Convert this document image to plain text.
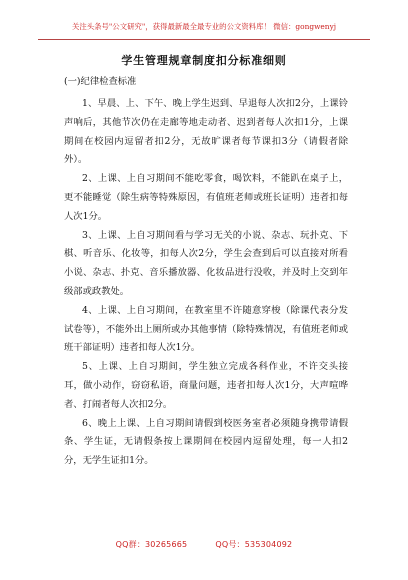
关注头条号"公文研究"，获得最新最全最专业的公文资料库！ 微信：gongwenyj
学生管理规章制度扣分标准细则
(一)纪律检查标准

1、早晨、上、下午、晚上学生迟到、早退每人次扣2分，上课铃声响后，其他节次仍在走廊等地走动者、迟到者每人次扣1分，上课期间在校园内逗留者扣2分，无故旷课者每节课扣3分（请假者除外）。

2、上课、上自习期间不能吃零食，喝饮料，不能趴在桌子上，更不能睡觉（除生病等特殊原因，有值班老师或班长证明）违者扣每人次1分。

3、上课、上自习期间看与学习无关的小说、杂志、玩扑克、下棋、听音乐、化妆等，扣每人次2分，学生会查到后可以直接对所看小说、杂志、扑克、音乐播放器、化妆品进行没收，并及时上交到年级部或政教处。

4、上课、上自习期间，在教室里不许随意穿梭（除课代表分发试卷等），不能外出上厕所或办其他事情（除特殊情况，有值班老师或班干部证明）违者扣每人次1分。

5、上课、上自习期间，学生独立完成各科作业，不许交头接耳，做小动作，窃窃私语，商量问题，违者扣每人次1分，大声喧哗者、打闹者每人次扣2分。

6、晚上上课、上自习期间请假到校医务室者必须随身携带请假条、学生证，无请假条按上课期间在校园内逗留处理，每一人扣2分，无学生证扣1分。

QQ群：30265665	QQ号：535304092
